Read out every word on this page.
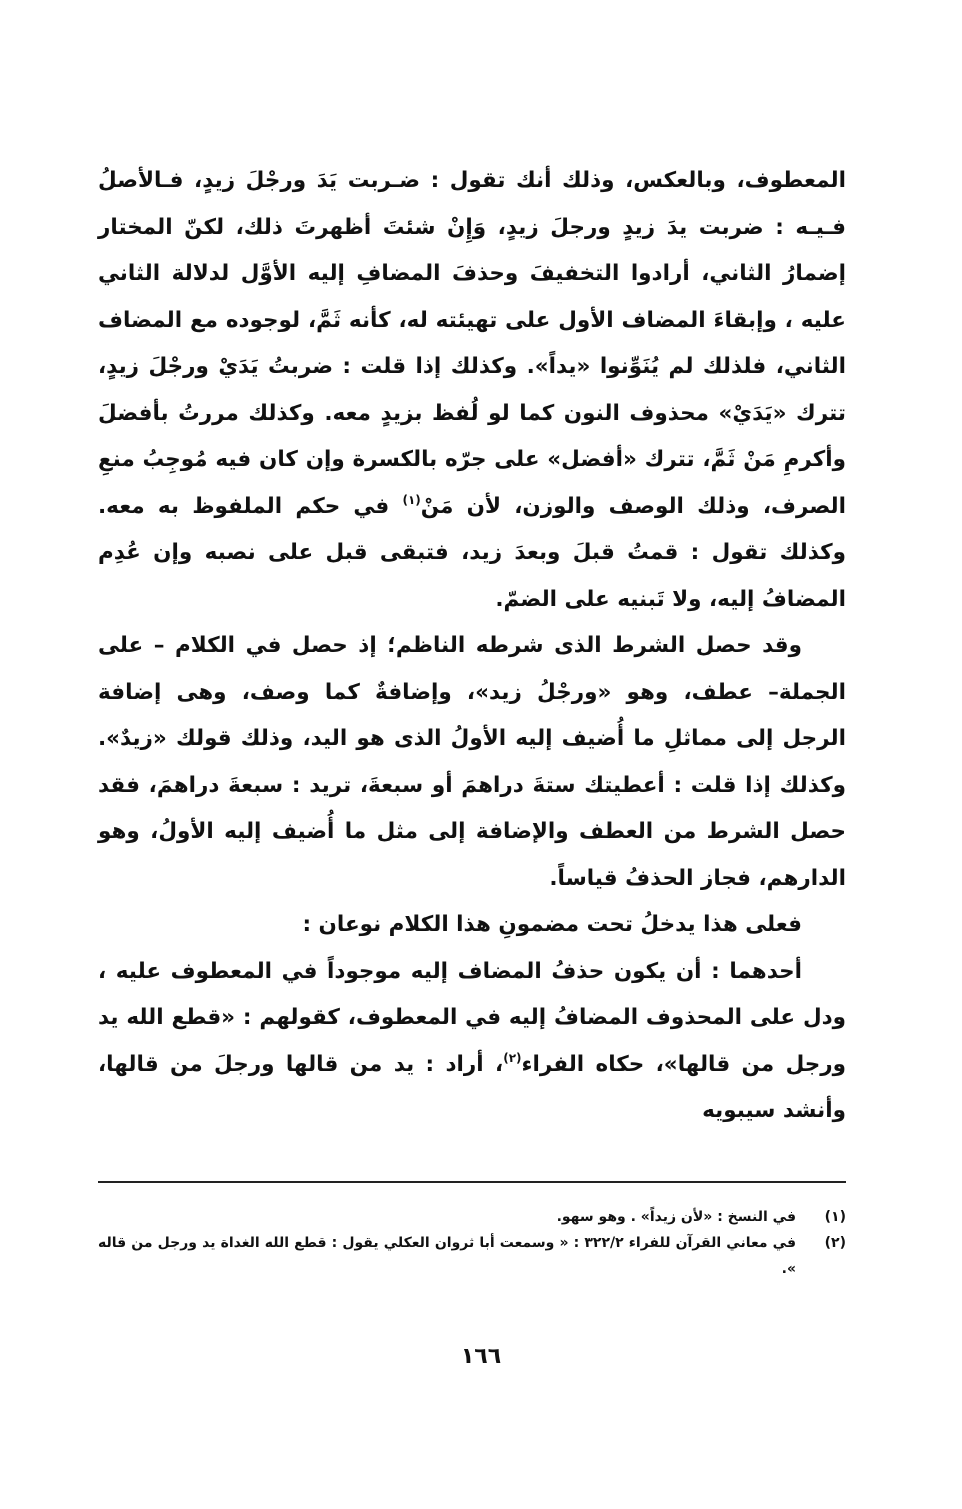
المعطوف، وبالعكس، وذلك أنك تقول : ضـربت يَدَ ورجْلَ زيدٍ، فـالأصلُ فـيـه : ضربت يدَ زيدٍ ورجلَ زيدٍ، وَإِنْ شئتَ أظهرتَ ذلك، لكنّ المختار إضمارُ الثاني، أرادوا التخفيفَ وحذفَ المضافِ إليه الأوَّل لدلالة الثاني عليه ، وإبقاءَ المضاف الأول على تهيئته له، كأنه ثَمَّ، لوجوده مع المضاف الثاني، فلذلك لم يُنَوِّنوا «يداً». وكذلك إذا قلت : ضربتُ يَدَيْ ورجْلَ زيدٍ، تترك «يَدَيْ» محذوف النون كما لو لُفظ بزيدٍ معه. وكذلك مررتُ بأفضلَ وأكرمِ مَنْ ثَمَّ، تترك «أفضل» على جرّه بالكسرة وإن كان فيه مُوجِبُ منعِ الصرف، وذلك الوصف والوزن، لأن مَنْ$^{(١)}$ في حكم الملفوظ به معه. وكذلك تقول : قمتُ قبلَ وبعدَ زيد، فتبقى قبل على نصبه وإن عُدِم المضافُ إليه، ولا تَبنيه على الضمّ.

وقد حصل الشرط الذى شرطه الناظم؛ إذ حصل في الكلام – على الجملة– عطف، وهو «ورجْلُ زيد»، وإضافةٌ كما وصف، وهى إضافة الرجل إلى مماثلِ ما أُضيف إليه الأولُ الذى هو اليد، وذلك قولك «زيدٌ». وكذلك إذا قلت : أعطيتك ستةَ دراهمَ أو سبعةَ، تريد : سبعةَ دراهمَ، فقد حصل الشرط من العطف والإضافة إلى مثل ما أُضيف إليه الأولُ، وهو الدارهم، فجاز الحذفُ قياساً.

فعلى هذا يدخلُ تحت مضمونِ هذا الكلام نوعان :

أحدهما : أن يكون حذفُ المضاف إليه موجوداً في المعطوف عليه ، ودل على المحذوف المضافُ إليه في المعطوف، كقولهم : «قطع الله يد ورجل من قالها»، حكاه الفراء$^{(٢)}$، أراد : يد من قالها ورجلَ من قالها، وأنشد سيبويه

(١)
في النسخ : «لأن زيداً» . وهو سهو.
(٢)
في معاني القرآن للفراء ٣٢٢/٢ : « وسمعت أبا ثروان العكلي يقول : قطع الله الغداة يد ورجل من قاله ».
١٦٦
